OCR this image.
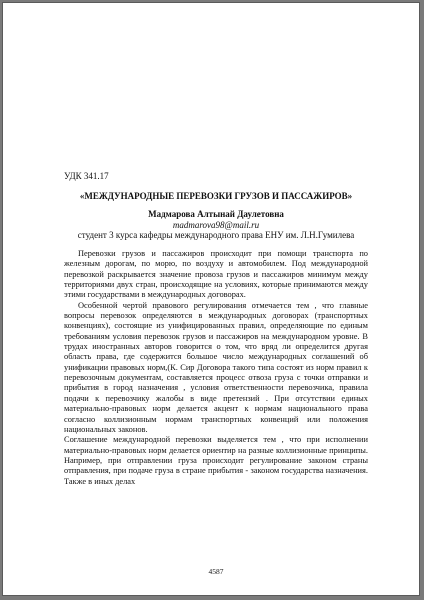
УДК 341.17
«МЕЖДУНАРОДНЫЕ ПЕРЕВОЗКИ ГРУЗОВ И ПАССАЖИРОВ»
Мадмарова Алтынай Даулетовна
madmarova98@mail.ru
студент 3 курса кафедры международного права ЕНУ им. Л.Н.Гумилева

Перевозки грузов и пассажиров происходит при помощи транспорта по железным дорогам, по морю, по воздуху и автомобилем. Под международной перевозкой раскрывается значение провоза грузов и пассажиров минимум между территориями двух стран, происходящие на условиях, которые принимаются между этими государствами в международных договорах.

Особенной чертой правового регулирования отмечается тем , что главные вопросы перевозок определяются в международных договорах (транспортных конвенциях), состоящие из унифицированных правил, определяющие по единым требованиям условия перевозок грузов и пассажиров на международном уровне. В трудах иностранных авторов говорится о том, что вряд ли определится другая область права, где содержится большое число международных соглашений об унификации правовых норм,(К. Сир Договора такого типа состоят из норм правил к перевозочным документам, составляется процесс отвоза груза с точки отправки и прибытия в город назначения , условия ответственности перевозчика, правила подачи к перевозчику жалобы в виде претензий . При отсутствии единых материально-правовых норм делается акцент к нормам национального права согласно коллизионным нормам транспортных конвенций или положения национальных законов.

Соглашение международной перевозки выделяется тем , что при исполнении материально-правовых норм делается ориентир на разные коллизионные принципы. Например, при отправлении груза происходит регулирование законом страны отправления, при подаче груза в стране прибытия - законом государства назначения. Также в иных делах

4587
